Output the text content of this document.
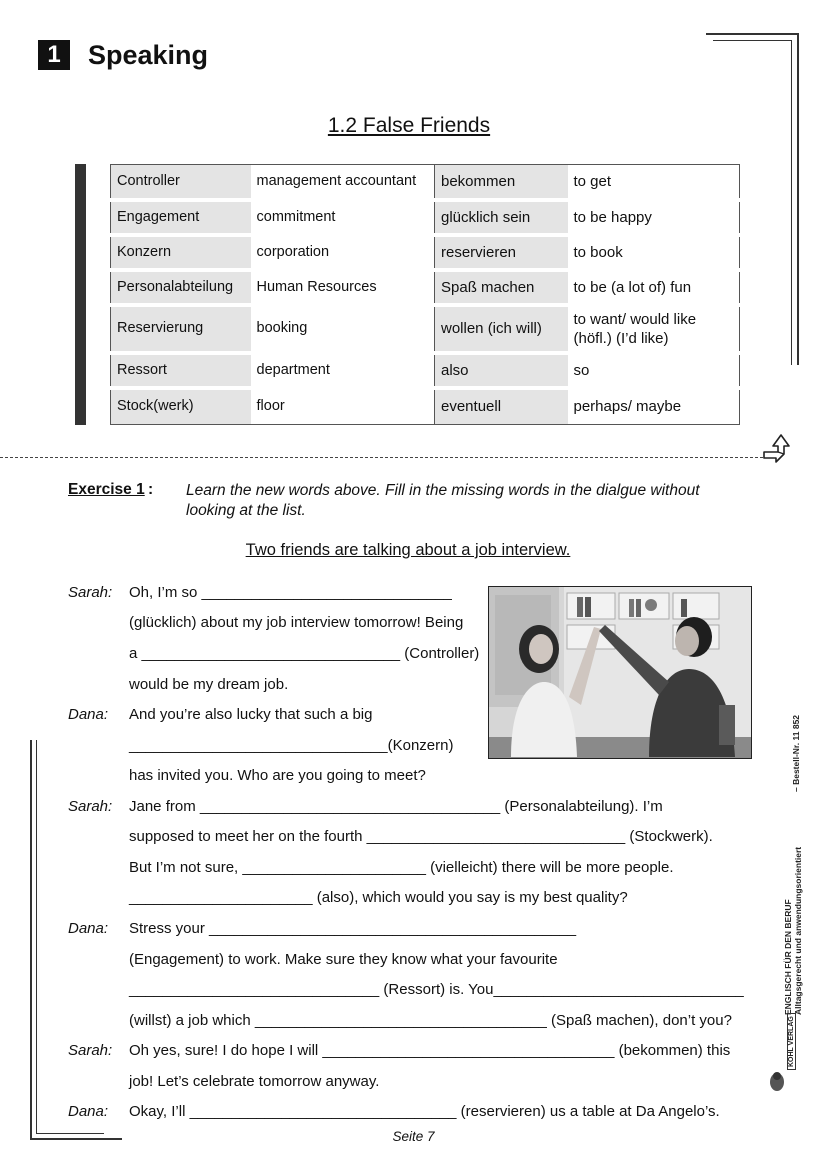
1	Speaking
1.2 False Friends
Controller	management accountant	bekommen	to get
Engagement	commitment	glücklich sein	to be happy
Konzern	corporation	reservieren	to book
Personalabteilung	Human Resources	Spaß machen	to be (a lot of) fun
Reservierung	booking	wollen (ich will)	to want/ would like (höfl.) (I’d like)
Ressort	department	also	so
Stock(werk)	floor	eventuell	perhaps/ maybe
Exercise 1 : Learn the new words above. Fill in the missing words in the dialgue without looking at the list.
Two friends are talking about a job interview.
Sarah: Oh, I’m so ______________________________
(glücklich) about my job interview tomorrow! Being
a _______________________________ (Controller)
would be my dream job.
Dana: And you’re also lucky that such a big
_______________________________(Konzern)
has invited you. Who are you going to meet?
Sarah: Jane from ____________________________________ (Personalabteilung). I’m
supposed to meet her on the fourth _______________________________ (Stockwerk).
But I’m not sure, ______________________ (vielleicht) there will be more people.
______________________ (also), which would you say is my best quality?
Dana: Stress your ____________________________________________
(Engagement) to work. Make sure they know what your favourite
______________________________ (Ressort) is. You______________________________
(willst) a job which ___________________________________ (Spaß machen), don’t you?
Sarah: Oh yes, sure! I do hope I will ___________________________________ (bekommen) this
job! Let’s celebrate tomorrow anyway.
Dana: Okay, I’ll ________________________________ (reservieren) us a table at Da Angelo’s.
ENGLISCH FÜR DEN BERUF Alltagsgerecht und anwendungsorientiert
– Bestell-Nr. 11 852
KOHL VERLAG
Seite 7
